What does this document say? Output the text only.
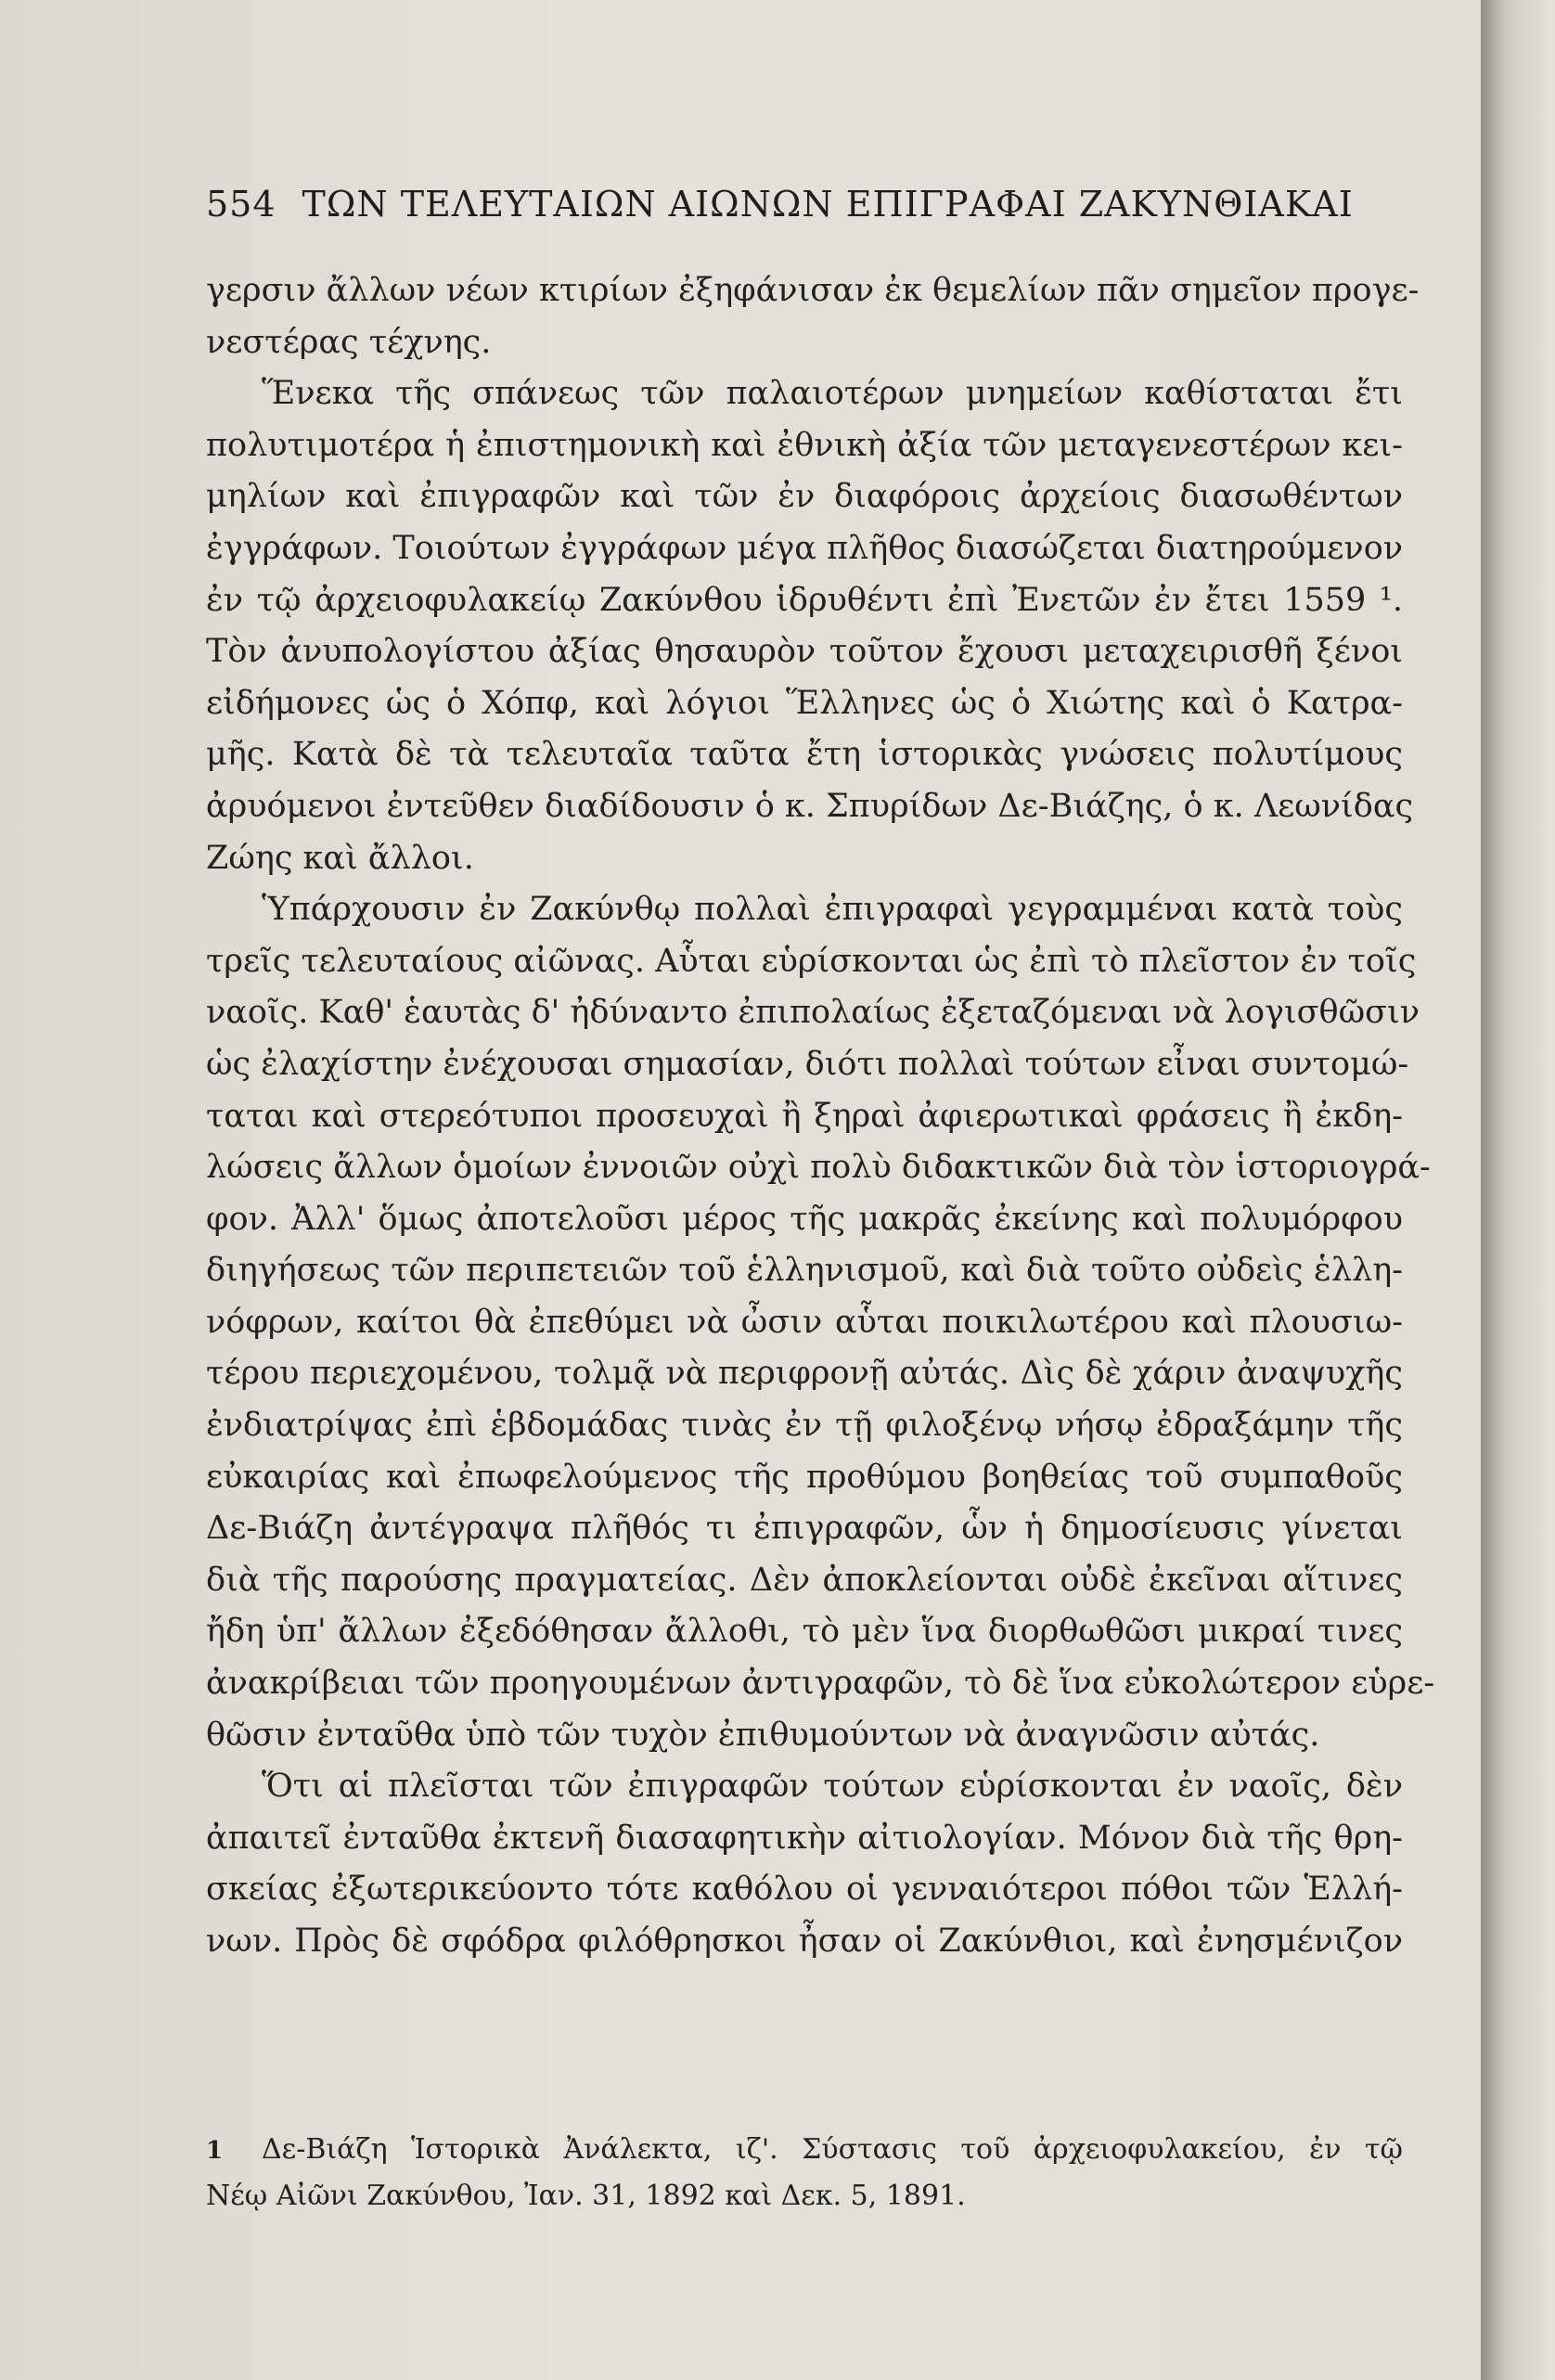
554 ΤΩΝ ΤΕΛΕΥΤΑΙΩΝ ΑΙΩΝΩΝ ΕΠΙΓΡΑΦΑΙ ΖΑΚΥΝΘΙΑΚΑΙ
γερσιν ἄλλων νέων κτιρίων ἐξηφάνισαν ἐκ θεμελίων πᾶν σημεῖον προγε-
νεστέρας τέχνης.
Ἕνεκα τῆς σπάνεως τῶν παλαιοτέρων μνημείων καθίσταται ἔτι
πολυτιμοτέρα ἡ ἐπιστημονικὴ καὶ ἐθνικὴ ἀξία τῶν μεταγενεστέρων κει-
μηλίων καὶ ἐπιγραφῶν καὶ τῶν ἐν διαφόροις ἀρχείοις διασωθέντων
ἐγγράφων. Τοιούτων ἐγγράφων μέγα πλῆθος διασώζεται διατηρούμενον
ἐν τῷ ἀρχειοφυλακείῳ Ζακύνθου ἱδρυθέντι ἐπὶ Ἐνετῶν ἐν ἔτει 1559 ¹.
Τὸν ἀνυπολογίστου ἀξίας θησαυρὸν τοῦτον ἔχουσι μεταχειρισθῆ ξένοι
εἰδήμονες ὡς ὁ Χόπφ, καὶ λόγιοι Ἕλληνες ὡς ὁ Χιώτης καὶ ὁ Κατρα-
μῆς. Κατὰ δὲ τὰ τελευταῖα ταῦτα ἔτη ἱστορικὰς γνώσεις πολυτίμους
ἀρυόμενοι ἐντεῦθεν διαδίδουσιν ὁ κ. Σπυρίδων Δε-Βιάζης, ὁ κ. Λεωνίδας
Ζώης καὶ ἄλλοι.
Ὑπάρχουσιν ἐν Ζακύνθῳ πολλαὶ ἐπιγραφαὶ γεγραμμέναι κατὰ τοὺς
τρεῖς τελευταίους αἰῶνας. Αὗται εὑρίσκονται ὡς ἐπὶ τὸ πλεῖστον ἐν τοῖς
ναοῖς. Καθ' ἑαυτὰς δ' ἠδύναντο ἐπιπολαίως ἐξεταζόμεναι νὰ λογισθῶσιν
ὡς ἐλαχίστην ἐνέχουσαι σημασίαν, διότι πολλαὶ τούτων εἶναι συντομώ-
ταται καὶ στερεότυποι προσευχαὶ ἢ ξηραὶ ἀφιερωτικαὶ φράσεις ἢ ἐκδη-
λώσεις ἄλλων ὁμοίων ἐννοιῶν οὐχὶ πολὺ διδακτικῶν διὰ τὸν ἱστοριογρά-
φον. Ἀλλ' ὅμως ἀποτελοῦσι μέρος τῆς μακρᾶς ἐκείνης καὶ πολυμόρφου
διηγήσεως τῶν περιπετειῶν τοῦ ἑλληνισμοῦ, καὶ διὰ τοῦτο οὐδεὶς ἑλλη-
νόφρων, καίτοι θὰ ἐπεθύμει νὰ ὦσιν αὗται ποικιλωτέρου καὶ πλουσιω-
τέρου περιεχομένου, τολμᾷ νὰ περιφρονῇ αὐτάς. Δὶς δὲ χάριν ἀναψυχῆς
ἐνδιατρίψας ἐπὶ ἑβδομάδας τινὰς ἐν τῇ φιλοξένῳ νήσῳ ἐδραξάμην τῆς
εὐκαιρίας καὶ ἐπωφελούμενος τῆς προθύμου βοηθείας τοῦ συμπαθοῦς
Δε-Βιάζη ἀντέγραψα πλῆθός τι ἐπιγραφῶν, ὧν ἡ δημοσίευσις γίνεται
διὰ τῆς παρούσης πραγματείας. Δὲν ἀποκλείονται οὐδὲ ἐκεῖναι αἵτινες
ἤδη ὑπ' ἄλλων ἐξεδόθησαν ἄλλοθι, τὸ μὲν ἵνα διορθωθῶσι μικραί τινες
ἀνακρίβειαι τῶν προηγουμένων ἀντιγραφῶν, τὸ δὲ ἵνα εὐκολώτερον εὑρε-
θῶσιν ἐνταῦθα ὑπὸ τῶν τυχὸν ἐπιθυμούντων νὰ ἀναγνῶσιν αὐτάς.
Ὅτι αἱ πλεῖσται τῶν ἐπιγραφῶν τούτων εὑρίσκονται ἐν ναοῖς, δὲν
ἀπαιτεῖ ἐνταῦθα ἐκτενῆ διασαφητικὴν αἰτιολογίαν. Μόνον διὰ τῆς θρη-
σκείας ἐξωτερικεύοντο τότε καθόλου οἱ γενναιότεροι πόθοι τῶν Ἑλλή-
νων. Πρὸς δὲ σφόδρα φιλόθρησκοι ἦσαν οἱ Ζακύνθιοι, καὶ ἐνησμένιζον
1 Δε-Βιάζη Ἱστορικὰ Ἀνάλεκτα, ιζ'. Σύστασις τοῦ ἀρχειοφυλακείου, ἐν τῷ
Νέῳ Αἰῶνι Ζακύνθου, Ἰαν. 31, 1892 καὶ Δεκ. 5, 1891.
